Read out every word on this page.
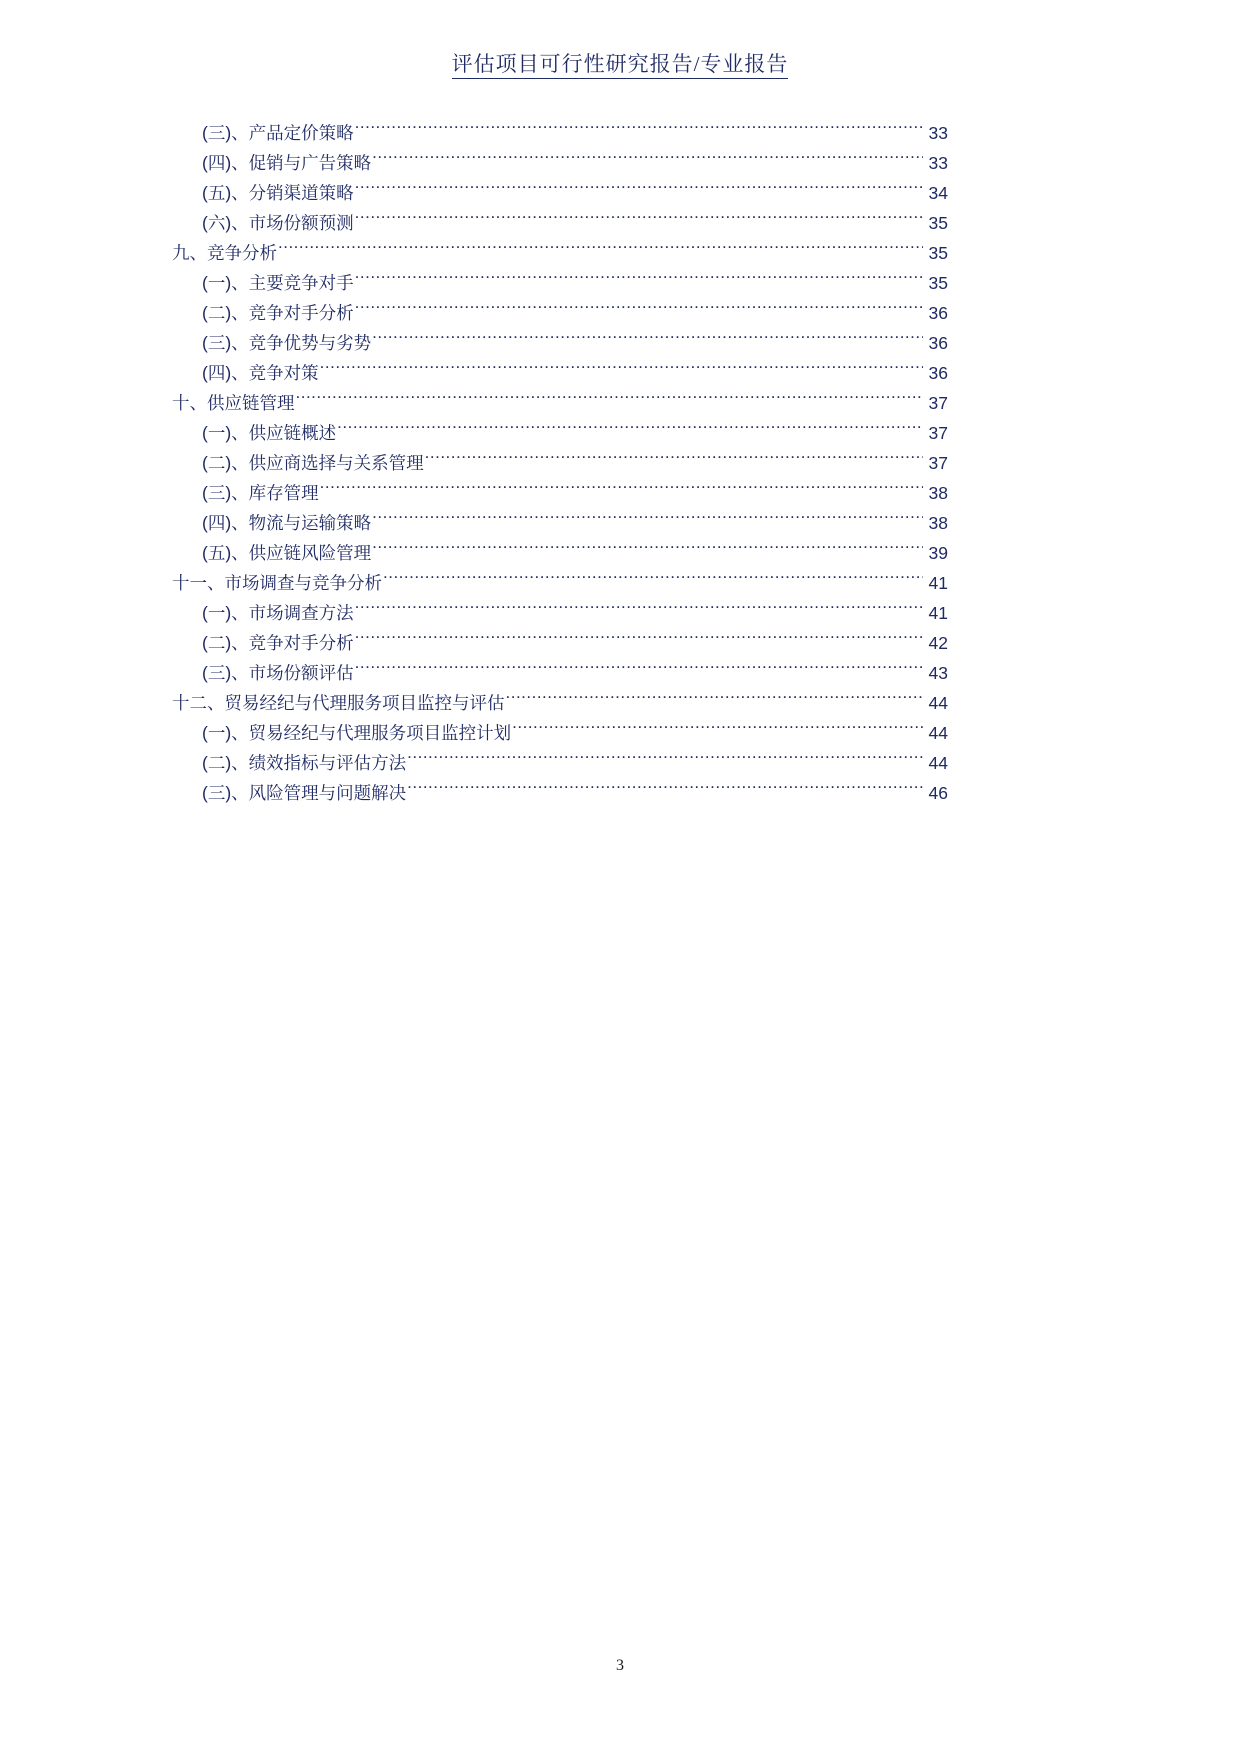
评估项目可行性研究报告/专业报告
(三)、产品定价策略 .....	33
(四)、促销与广告策略 .....	33
(五)、分销渠道策略 .....	34
(六)、市场份额预测 .....	35
九、竞争分析 .....	35
(一)、主要竞争对手 .....	35
(二)、竞争对手分析 .....	36
(三)、竞争优势与劣势 .....	36
(四)、竞争对策 .....	36
十、供应链管理 .....	37
(一)、供应链概述 .....	37
(二)、供应商选择与关系管理 .....	37
(三)、库存管理 .....	38
(四)、物流与运输策略 .....	38
(五)、供应链风险管理 .....	39
十一、市场调查与竞争分析 .....	41
(一)、市场调查方法 .....	41
(二)、竞争对手分析 .....	42
(三)、市场份额评估 .....	43
十二、贸易经纪与代理服务项目监控与评估 .....	44
(一)、贸易经纪与代理服务项目监控计划 .....	44
(二)、绩效指标与评估方法 .....	44
(三)、风险管理与问题解决 .....	46
3
